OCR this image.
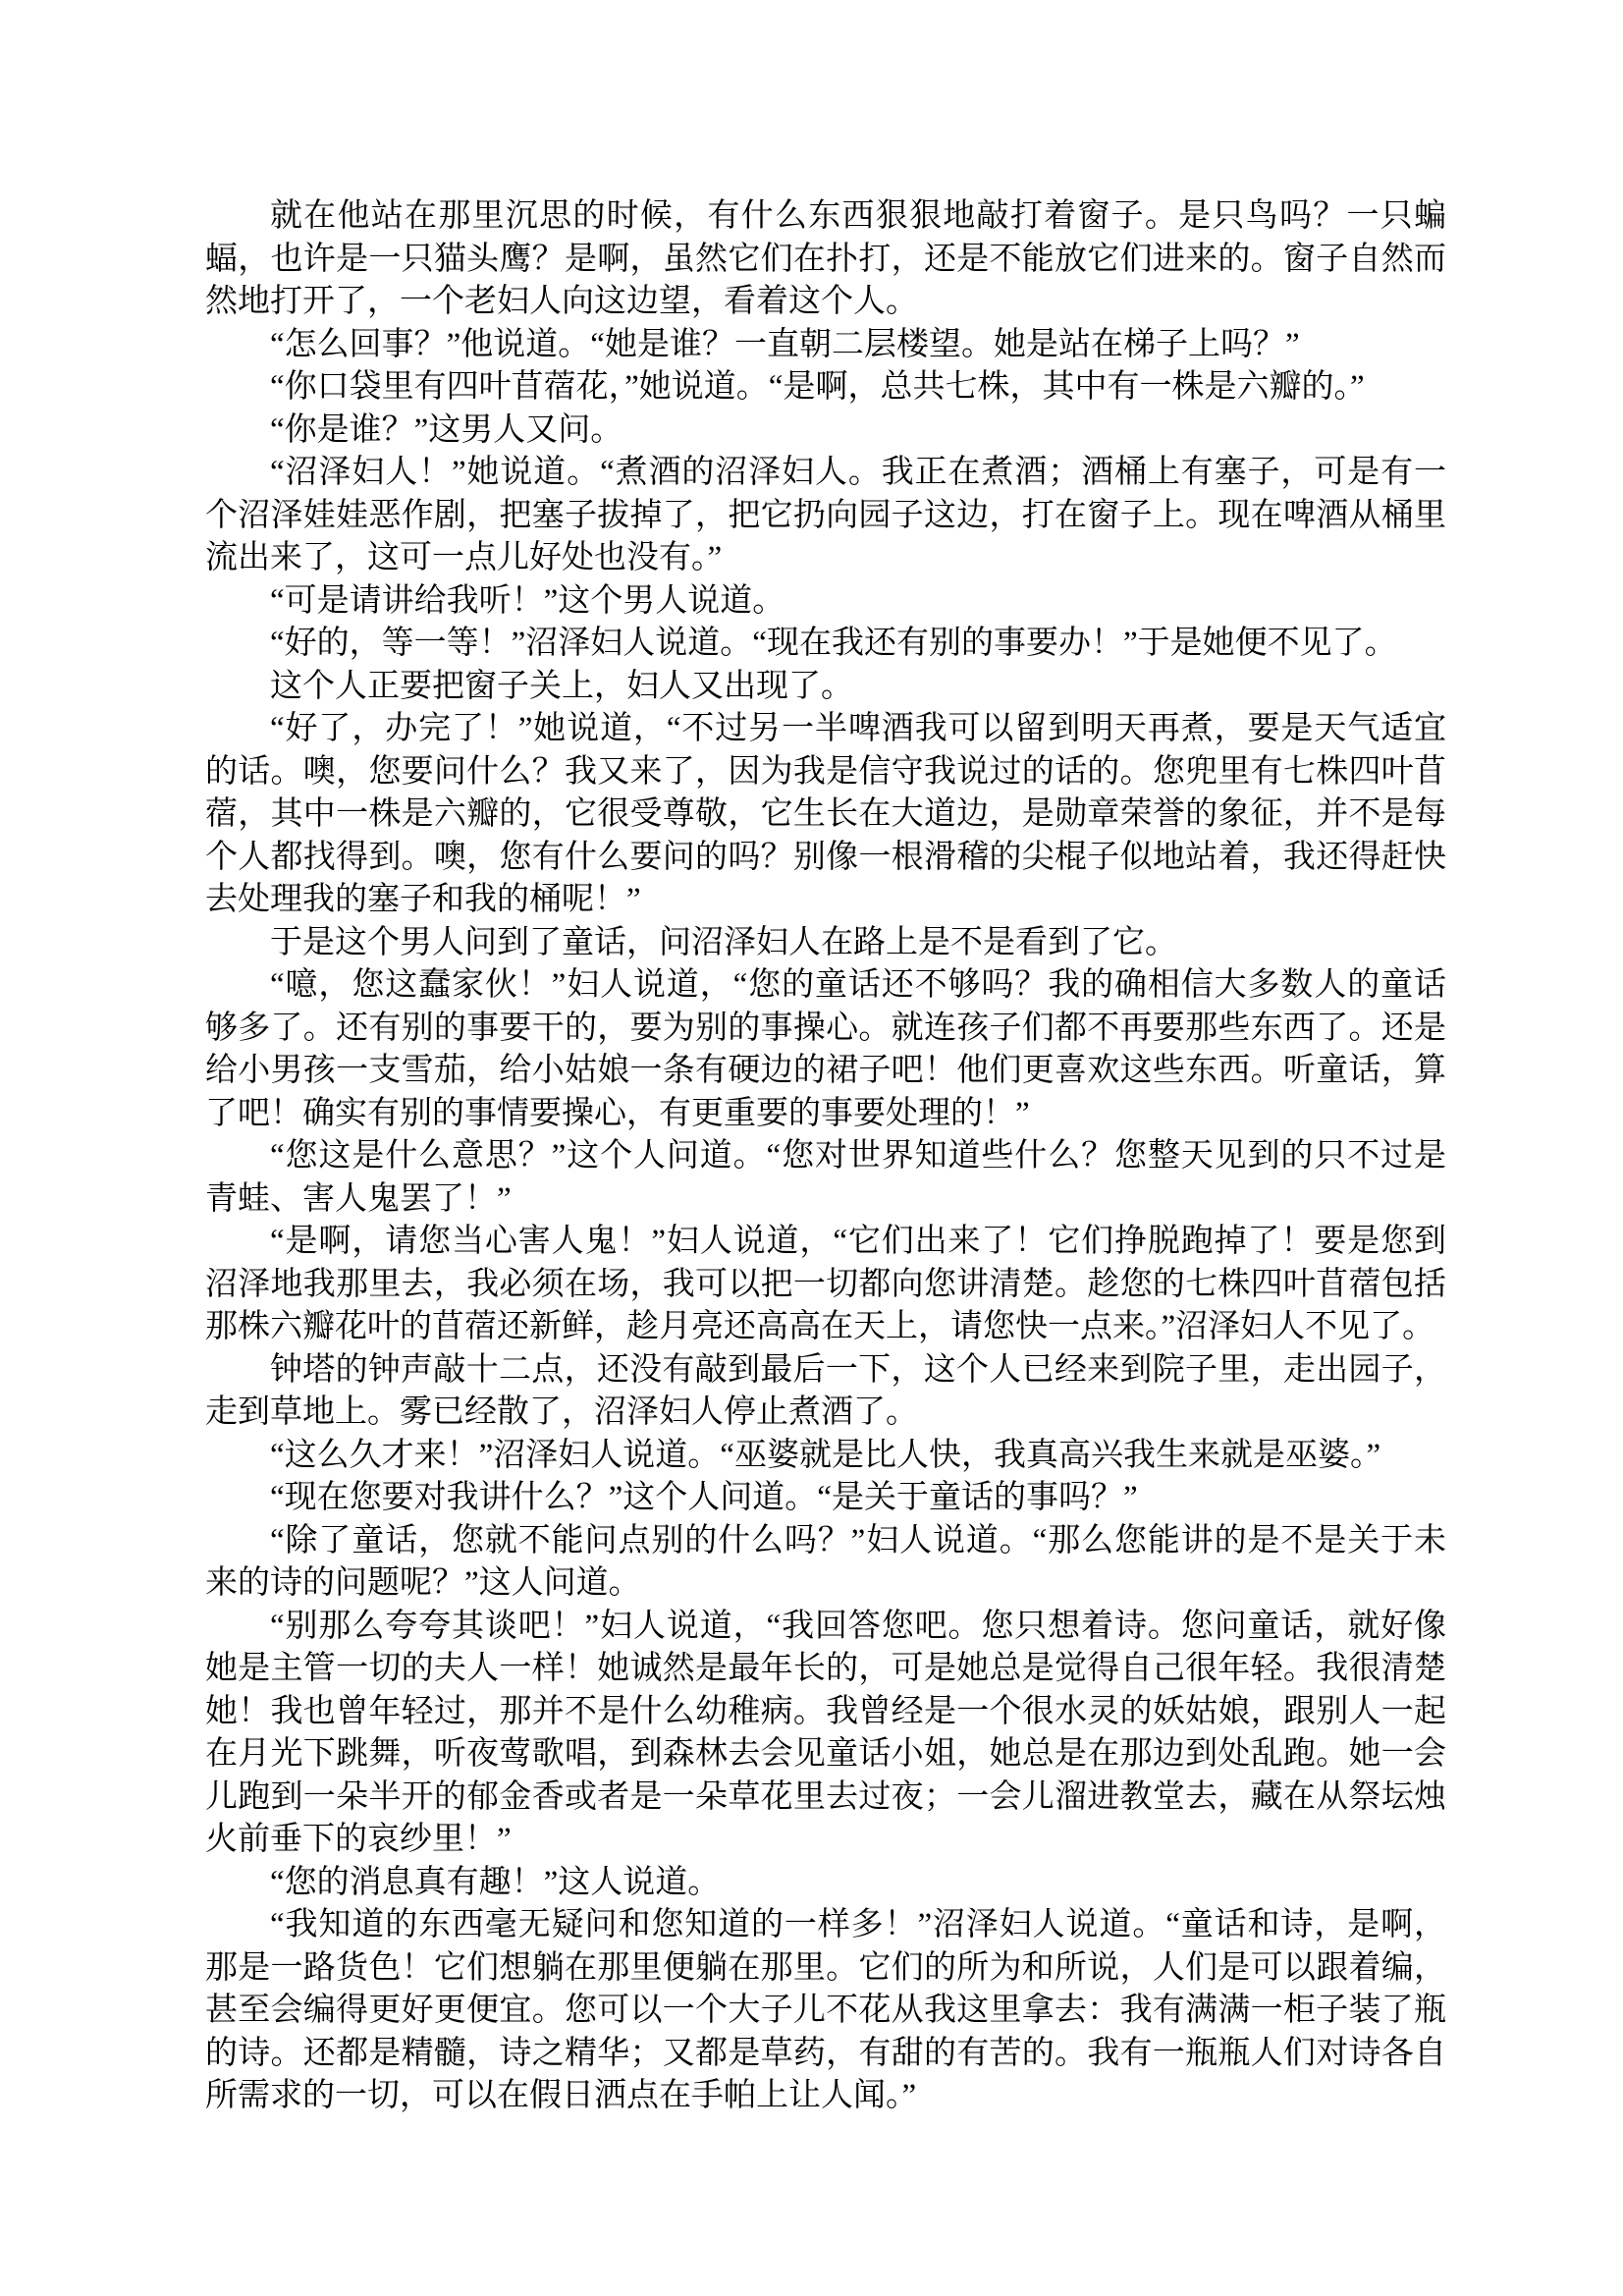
就在他站在那里沉思的时候，有什么东西狠狠地敲打着窗子。是只鸟吗？一只蝙蝠，也许是一只猫头鹰？是啊，虽然它们在扑打，还是不能放它们进来的。窗子自然而然地打开了，一个老妇人向这边望，看着这个人。

“怎么回事？”他说道。“她是谁？一直朝二层楼望。她是站在梯子上吗？”

“你口袋里有四叶苜蓿花，”她说道。“是啊，总共七株，其中有一株是六瓣的。”

“你是谁？”这男人又问。

“沼泽妇人！”她说道。“煮酒的沼泽妇人。我正在煮酒；酒桶上有塞子，可是有一个沼泽娃娃恶作剧，把塞子拔掉了，把它扔向园子这边，打在窗子上。现在啤酒从桶里流出来了，这可一点儿好处也没有。”

“可是请讲给我听！”这个男人说道。

“好的，等一等！”沼泽妇人说道。“现在我还有别的事要办！”于是她便不见了。

这个人正要把窗子关上，妇人又出现了。

“好了，办完了！”她说道，“不过另一半啤酒我可以留到明天再煮，要是天气适宜的话。噢，您要问什么？我又来了，因为我是信守我说过的话的。您兜里有七株四叶苜蓿，其中一株是六瓣的，它很受尊敬，它生长在大道边，是勋章荣誉的象征，并不是每个人都找得到。噢，您有什么要问的吗？别像一根滑稽的尖棍子似地站着，我还得赶快去处理我的塞子和我的桶呢！”

于是这个男人问到了童话，问沼泽妇人在路上是不是看到了它。

“噫，您这蠢家伙！”妇人说道，“您的童话还不够吗？我的确相信大多数人的童话够多了。还有别的事要干的，要为别的事操心。就连孩子们都不再要那些东西了。还是给小男孩一支雪茄，给小姑娘一条有硬边的裙子吧！他们更喜欢这些东西。听童话，算了吧！确实有别的事情要操心，有更重要的事要处理的！”

“您这是什么意思？”这个人问道。“您对世界知道些什么？您整天见到的只不过是青蛙、害人鬼罢了！”

“是啊，请您当心害人鬼！”妇人说道，“它们出来了！它们挣脱跑掉了！要是您到沼泽地我那里去，我必须在场，我可以把一切都向您讲清楚。趁您的七株四叶苜蓿包括那株六瓣花叶的苜蓿还新鲜，趁月亮还高高在天上，请您快一点来。”沼泽妇人不见了。

钟塔的钟声敲十二点，还没有敲到最后一下，这个人已经来到院子里，走出园子，走到草地上。雾已经散了，沼泽妇人停止煮酒了。

“这么久才来！”沼泽妇人说道。“巫婆就是比人快，我真高兴我生来就是巫婆。”

“现在您要对我讲什么？”这个人问道。“是关于童话的事吗？”

“除了童话，您就不能问点别的什么吗？”妇人说道。“那么您能讲的是不是关于未来的诗的问题呢？”这人问道。

“别那么夸夸其谈吧！”妇人说道，“我回答您吧。您只想着诗。您问童话，就好像她是主管一切的夫人一样！她诚然是最年长的，可是她总是觉得自己很年轻。我很清楚她！我也曾年轻过，那并不是什么幼稚病。我曾经是一个很水灵的妖姑娘，跟别人一起在月光下跳舞，听夜莺歌唱，到森林去会见童话小姐，她总是在那边到处乱跑。她一会儿跑到一朵半开的郁金香或者是一朵草花里去过夜；一会儿溜进教堂去，藏在从祭坛烛火前垂下的哀纱里！”

“您的消息真有趣！”这人说道。

“我知道的东西毫无疑问和您知道的一样多！”沼泽妇人说道。“童话和诗，是啊，那是一路货色！它们想躺在那里便躺在那里。它们的所为和所说，人们是可以跟着编，甚至会编得更好更便宜。您可以一个大子儿不花从我这里拿去：我有满满一柜子装了瓶的诗。还都是精髓，诗之精华；又都是草药，有甜的有苦的。我有一瓶瓶人们对诗各自所需求的一切，可以在假日洒点在手帕上让人闻。”
